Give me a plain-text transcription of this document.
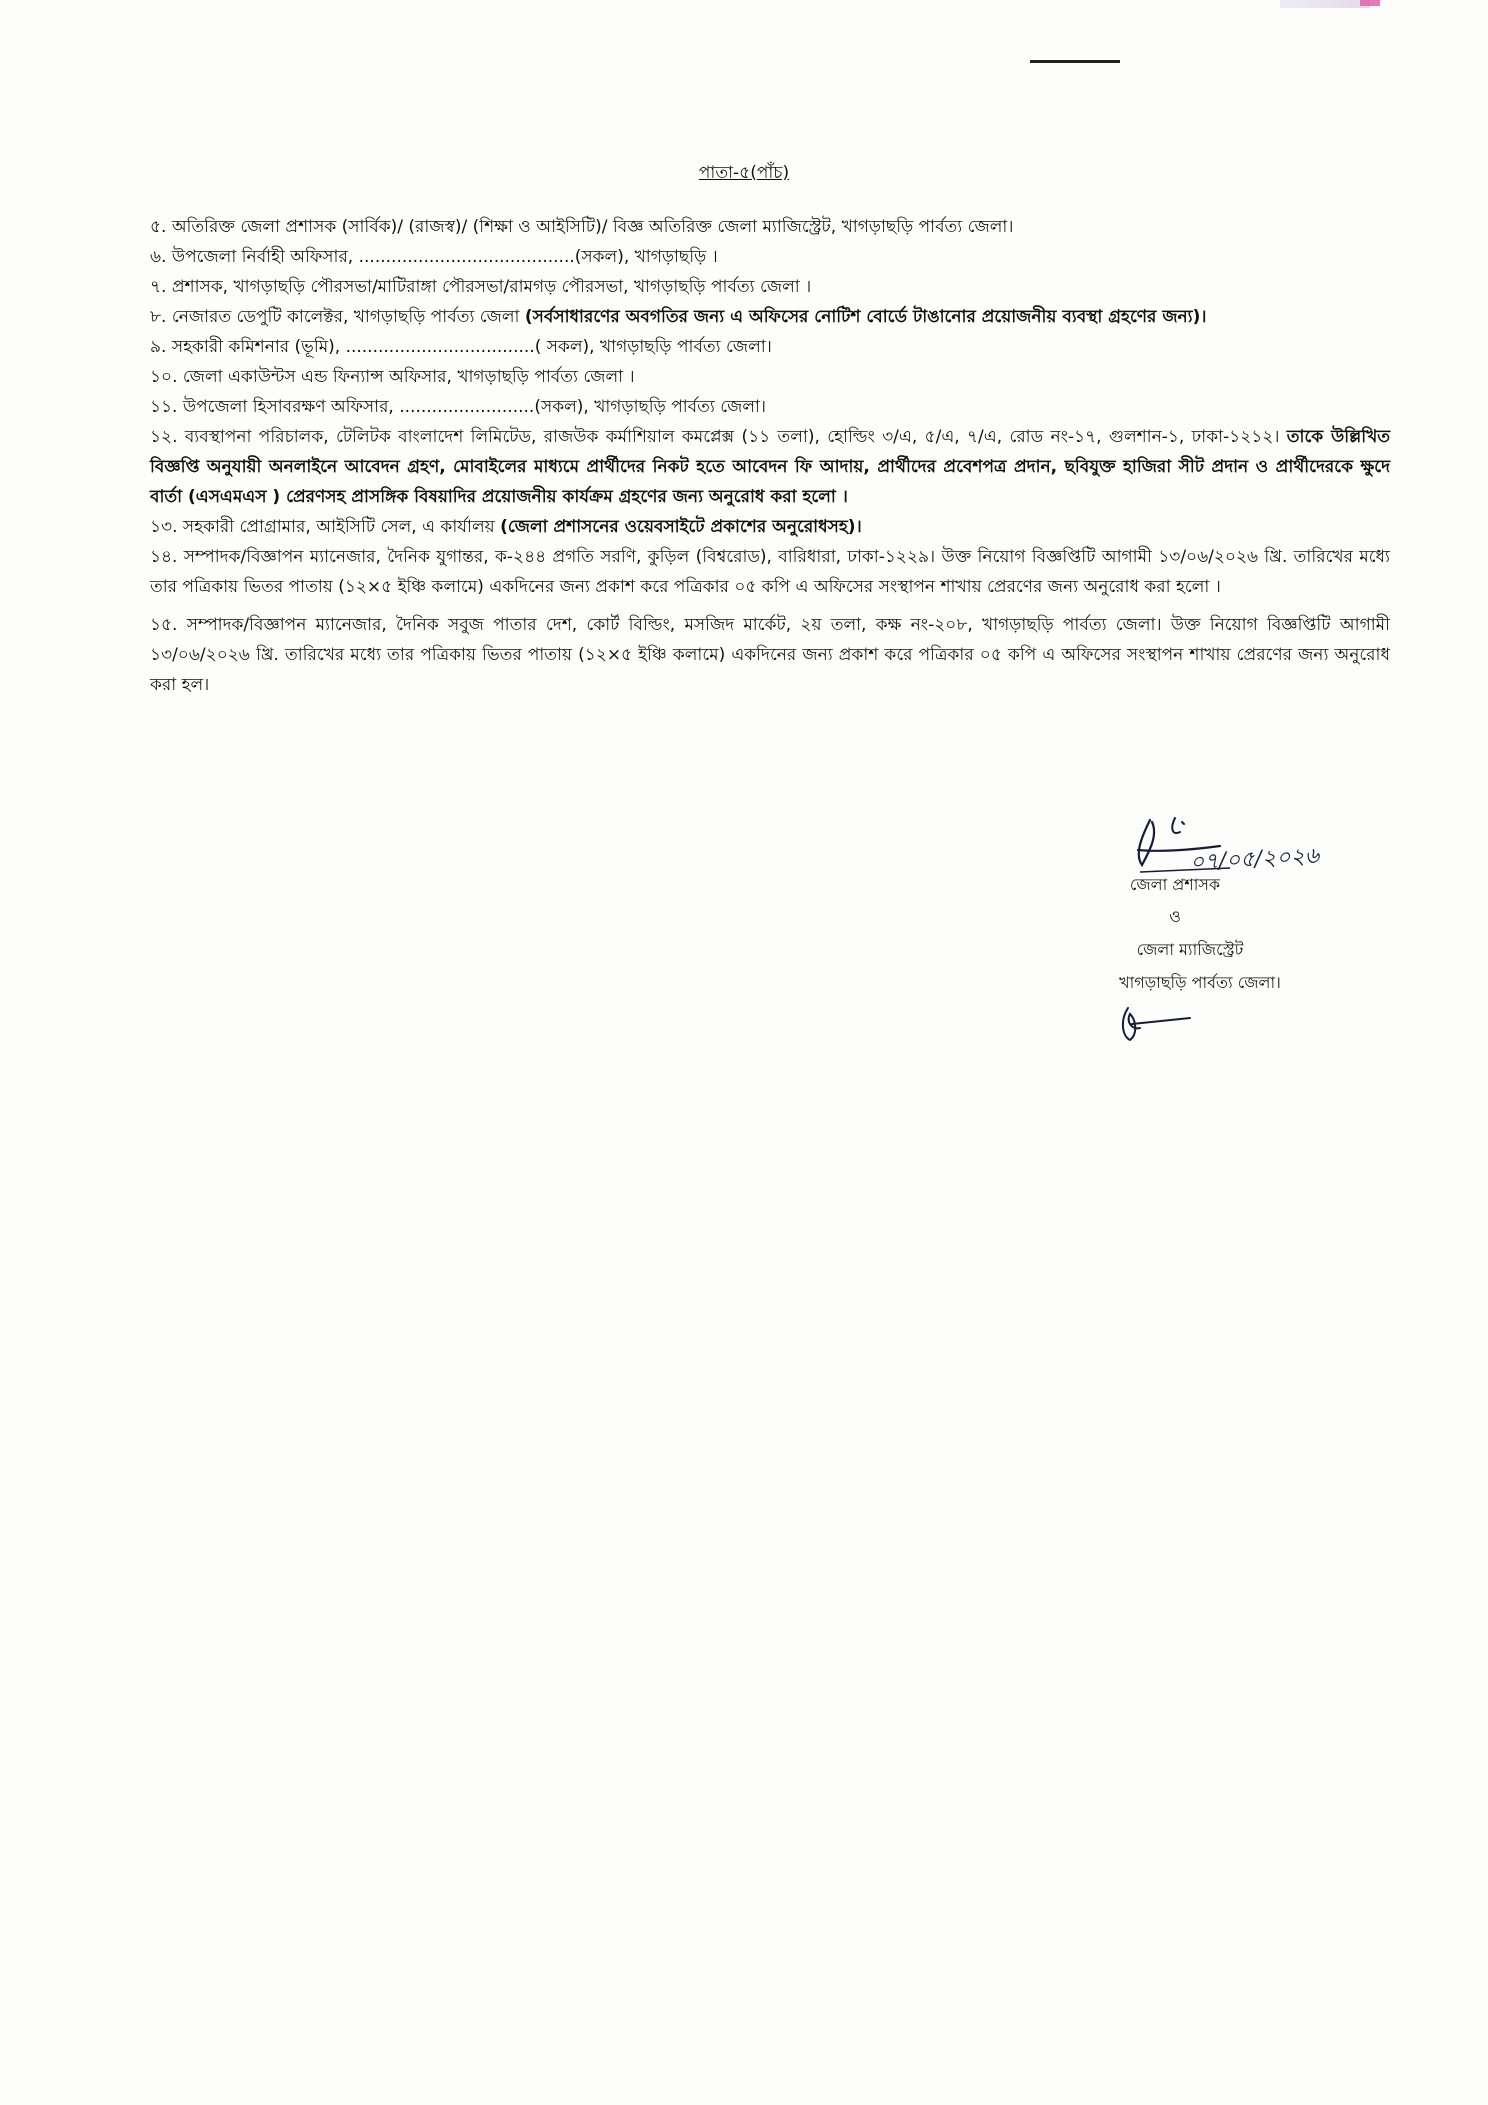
পাতা-৫(পাঁচ)

৫. অতিরিক্ত জেলা প্রশাসক (সার্বিক)/ (রাজস্ব)/ (শিক্ষা ও আইসিটি)/ বিজ্ঞ অতিরিক্ত জেলা ম্যাজিস্ট্রেট, খাগড়াছড়ি পার্বত্য জেলা।

৬. উপজেলা নির্বাহী অফিসার, ........................................(সকল), খাগড়াছড়ি ।

৭. প্রশাসক, খাগড়াছড়ি পৌরসভা/মাটিরাঙ্গা পৌরসভা/রামগড় পৌরসভা, খাগড়াছড়ি পার্বত্য জেলা ।

৮. নেজারত ডেপুটি কালেক্টর, খাগড়াছড়ি পার্বত্য জেলা (সর্বসাধারণের অবগতির জন্য এ অফিসের নোটিশ বোর্ডে টাঙানোর প্রয়োজনীয় ব্যবস্থা গ্রহণের জন্য)।

৯. সহকারী কমিশনার (ভূমি), ...................................( সকল), খাগড়াছড়ি পার্বত্য জেলা।

১০. জেলা একাউন্টস এন্ড ফিন্যান্স অফিসার, খাগড়াছড়ি পার্বত্য জেলা ।

১১. উপজেলা হিসাবরক্ষণ অফিসার, .........................(সকল), খাগড়াছড়ি পার্বত্য জেলা।

১২. ব্যবস্থাপনা পরিচালক, টেলিটক বাংলাদেশ লিমিটেড, রাজউক কর্মাশিয়াল কমপ্লেক্স (১১ তলা), হোল্ডিং ৩/এ, ৫/এ, ৭/এ, রোড নং-১৭, গুলশান-১, ঢাকা-১২১২। তাকে উল্লিখিত বিজ্ঞপ্তি অনুযায়ী অনলাইনে আবেদন গ্রহণ, মোবাইলের মাধ্যমে প্রার্থীদের নিকট হতে আবেদন ফি আদায়, প্রার্থীদের প্রবেশপত্র প্রদান, ছবিযুক্ত হাজিরা সীট প্রদান ও প্রার্থীদেরকে ক্ষুদে বার্তা (এসএমএস ) প্রেরণসহ প্রাসঙ্গিক বিষয়াদির প্রয়োজনীয় কার্যক্রম গ্রহণের জন্য অনুরোধ করা হলো ।

১৩. সহকারী প্রোগ্রামার, আইসিটি সেল, এ কার্যালয় (জেলা প্রশাসনের ওয়েবসাইটে প্রকাশের অনুরোধসহ)।

১৪. সম্পাদক/বিজ্ঞাপন ম্যানেজার, দৈনিক যুগান্তর, ক-২৪৪ প্রগতি সরণি, কুড়িল (বিশ্বরোড), বারিধারা, ঢাকা-১২২৯। উক্ত নিয়োগ বিজ্ঞপ্তিটি আগামী ১৩/০৬/২০২৬ খ্রি. তারিখের মধ্যে তার পত্রিকায় ভিতর পাতায় (১২×৫ ইঞ্চি কলামে) একদিনের জন্য প্রকাশ করে পত্রিকার ০৫ কপি এ অফিসের সংস্থাপন শাখায় প্রেরণের জন্য অনুরোধ করা হলো ।

১৫. সম্পাদক/বিজ্ঞাপন ম্যানেজার, দৈনিক সবুজ পাতার দেশ, কোর্ট বিল্ডিং, মসজিদ মার্কেট, ২য় তলা, কক্ষ নং-২০৮, খাগড়াছড়ি পার্বত্য জেলা। উক্ত নিয়োগ বিজ্ঞপ্তিটি আগামী ১৩/০৬/২০২৬ খ্রি. তারিখের মধ্যে তার পত্রিকায় ভিতর পাতায় (১২×৫ ইঞ্চি কলামে) একদিনের জন্য প্রকাশ করে পত্রিকার ০৫ কপি এ অফিসের সংস্থাপন শাখায় প্রেরণের জন্য অনুরোধ করা হল।

০৭/০৫/২০২৬
জেলা প্রশাসক
ও
জেলা ম্যাজিস্ট্রেট
খাগড়াছড়ি পার্বত্য জেলা।
